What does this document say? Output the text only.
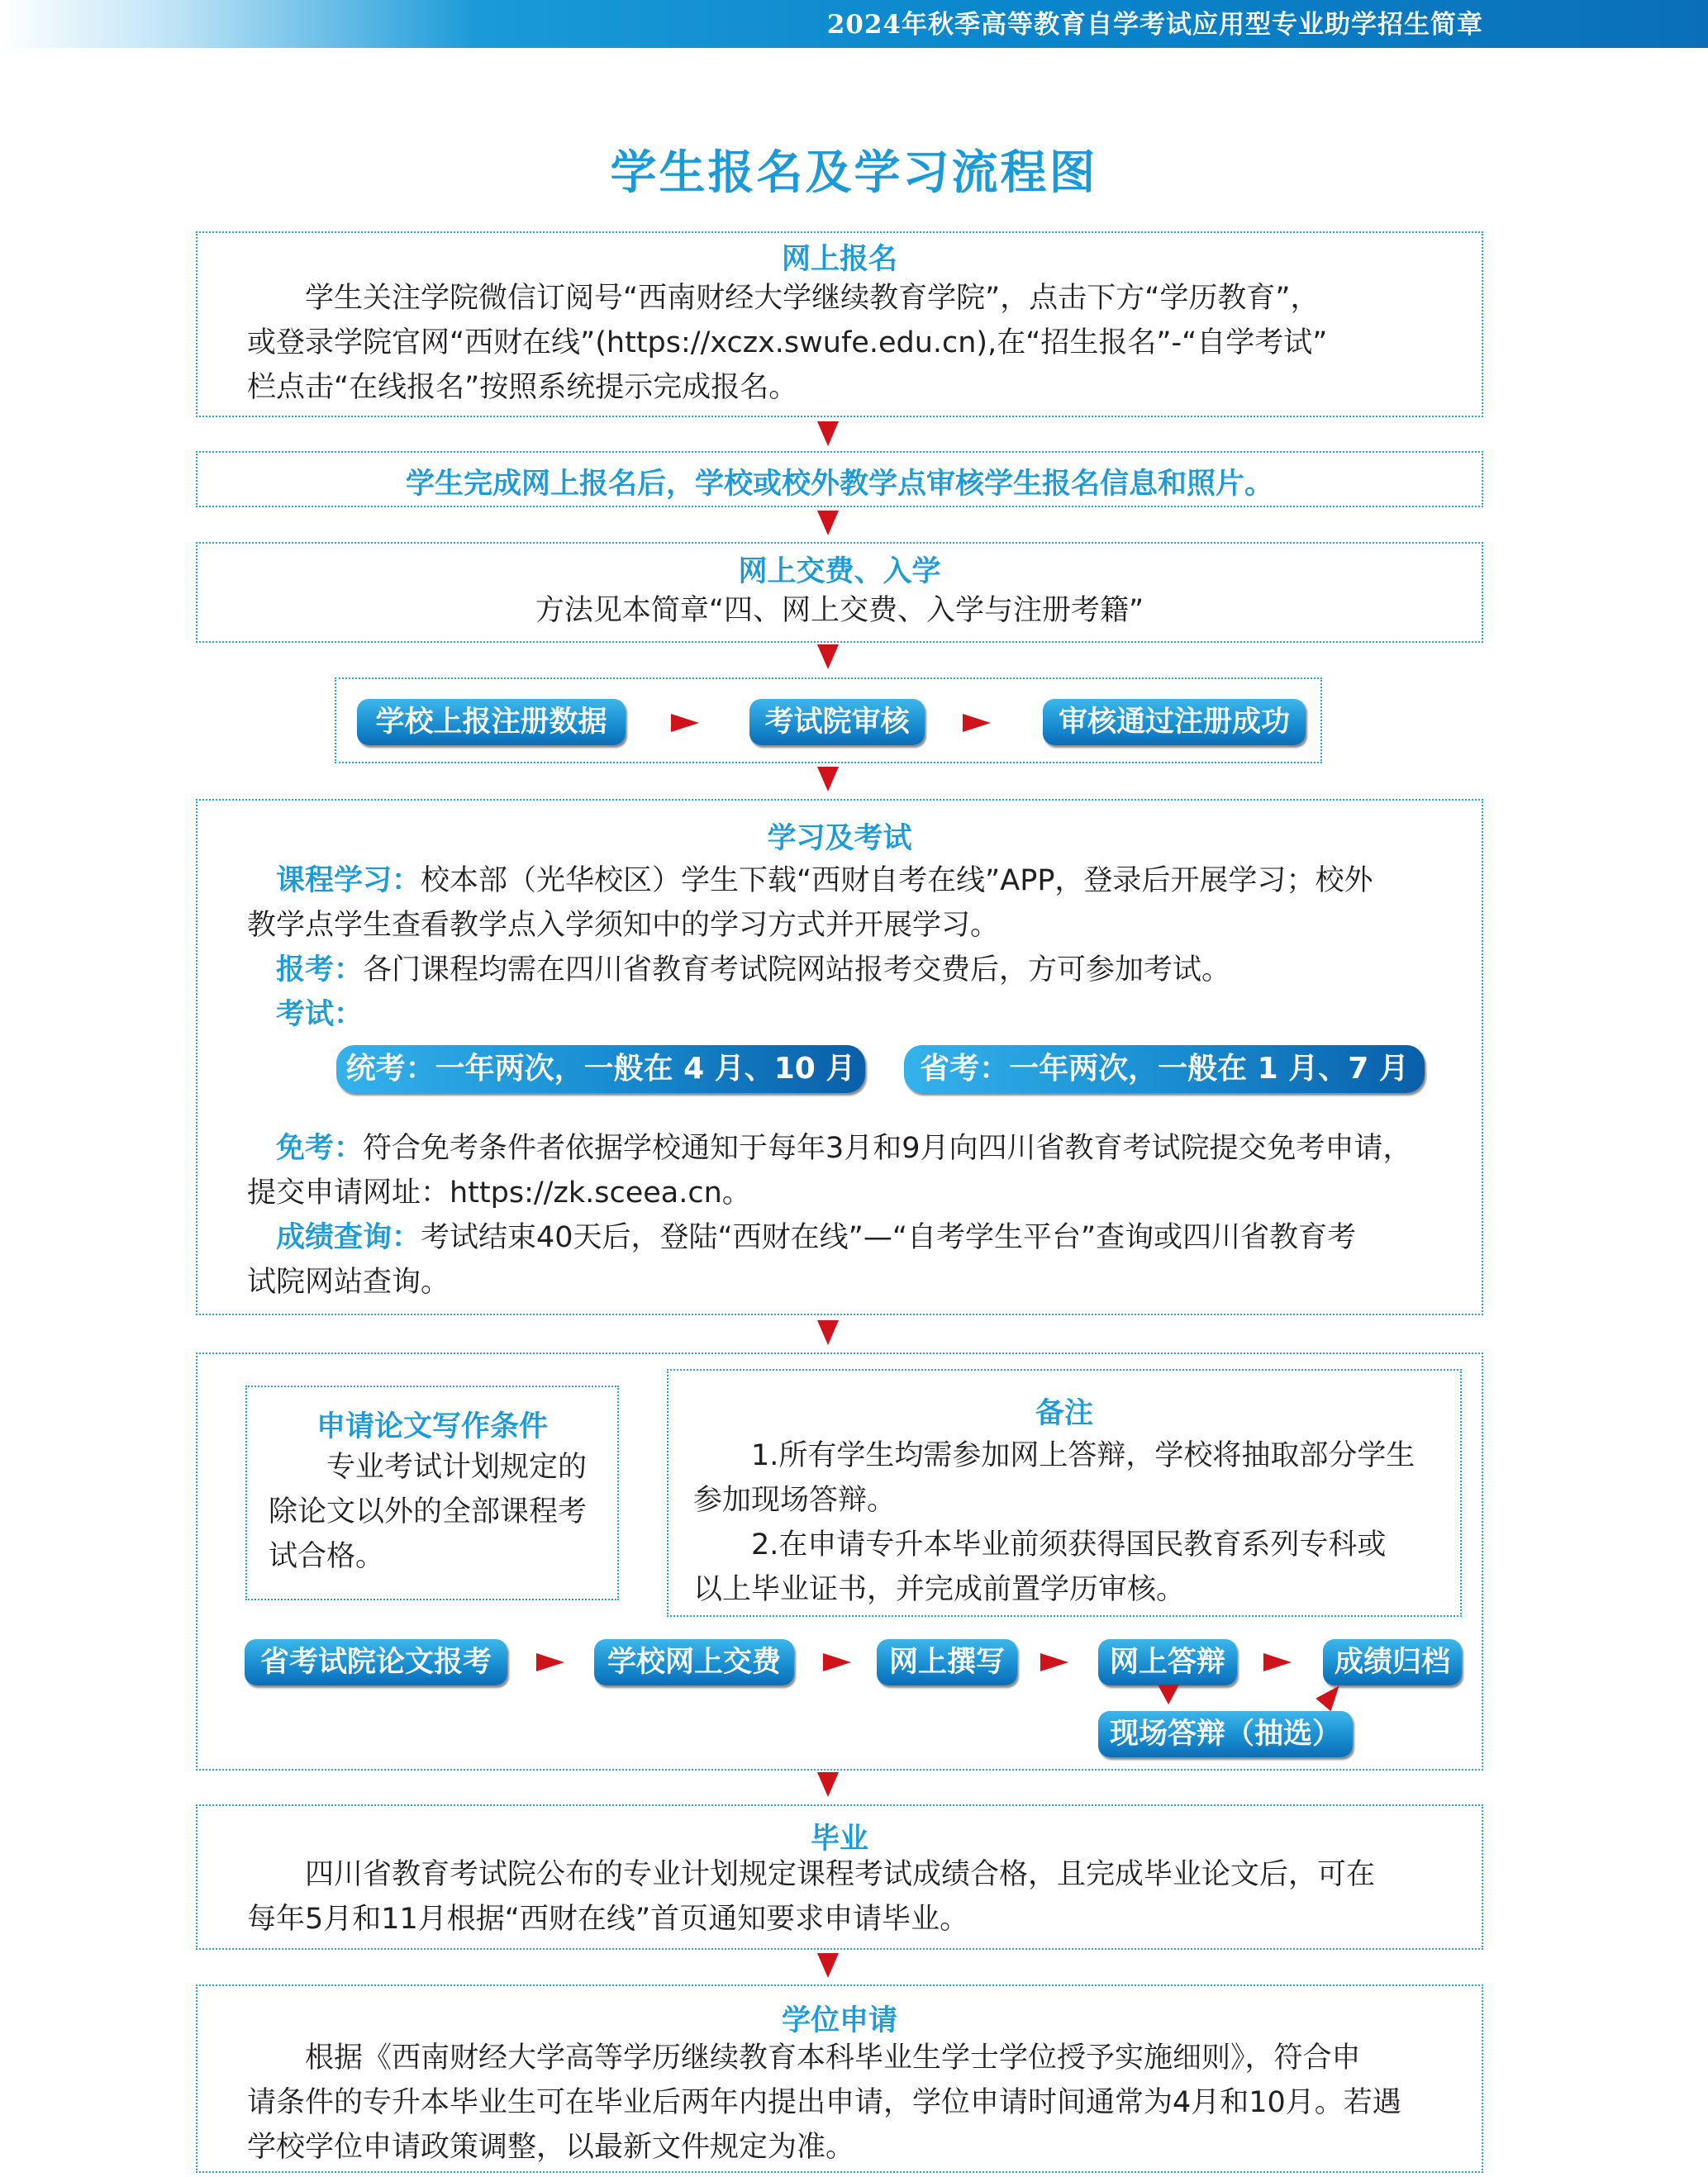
2024年秋季高等教育自学考试应用型专业助学招生简章
学生报名及学习流程图
网上报名
学生关注学院微信订阅号“西南财经大学继续教育学院”，点击下方“学历教育”，
或登录学院官网“西财在线”(https://xczx.swufe.edu.cn),在“招生报名”-“自学考试”
栏点击“在线报名”按照系统提示完成报名。
学生完成网上报名后，学校或校外教学点审核学生报名信息和照片。
网上交费、入学
方法见本简章“四、网上交费、入学与注册考籍”
学校上报注册数据	考试院审核	审核通过注册成功
学习及考试
课程学习：校本部（光华校区）学生下载“西财自考在线”APP，登录后开展学习；校外
教学点学生查看教学点入学须知中的学习方式并开展学习。
报考：各门课程均需在四川省教育考试院网站报考交费后，方可参加考试。
考试：
统考：一年两次，一般在 4 月、10 月	省考：一年两次，一般在 1 月、7 月
免考：符合免考条件者依据学校通知于每年3月和9月向四川省教育考试院提交免考申请，
提交申请网址：https://zk.sceea.cn。
成绩查询：考试结束40天后，登陆“西财在线”—“自考学生平台”查询或四川省教育考
试院网站查询。
申请论文写作条件
专业考试计划规定的
除论文以外的全部课程考
试合格。
备注
1.所有学生均需参加网上答辩，学校将抽取部分学生
参加现场答辩。
2.在申请专升本毕业前须获得国民教育系列专科或
以上毕业证书，并完成前置学历审核。
省考试院论文报考	学校网上交费	网上撰写	网上答辩	成绩归档
现场答辩（抽选）
毕业
四川省教育考试院公布的专业计划规定课程考试成绩合格，且完成毕业论文后，可在
每年5月和11月根据“西财在线”首页通知要求申请毕业。
学位申请
根据《西南财经大学高等学历继续教育本科毕业生学士学位授予实施细则》，符合申
请条件的专升本毕业生可在毕业后两年内提出申请，学位申请时间通常为4月和10月。若遇
学校学位申请政策调整，以最新文件规定为准。
